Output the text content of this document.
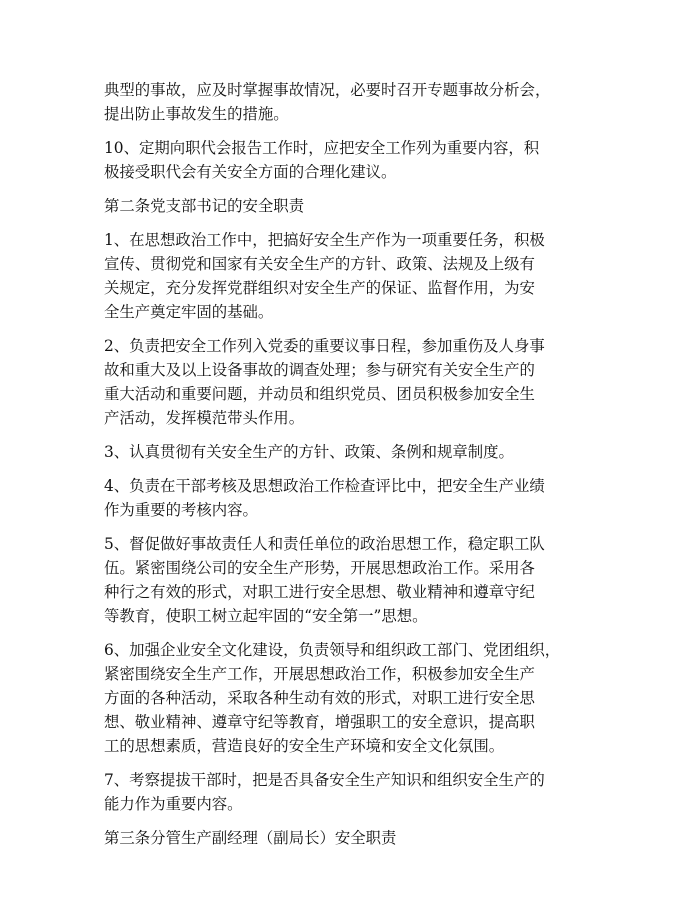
典型的事故，应及时掌握事故情况，必要时召开专题事故分析会，
提出防止事故发生的措施。

10、定期向职代会报告工作时，应把安全工作列为重要内容，积
极接受职代会有关安全方面的合理化建议。

第二条党支部书记的安全职责

1、在思想政治工作中，把搞好安全生产作为一项重要任务，积极
宣传、贯彻党和国家有关安全生产的方针、政策、法规及上级有
关规定，充分发挥党群组织对安全生产的保证、监督作用，为安
全生产奠定牢固的基础。

2、负责把安全工作列入党委的重要议事日程，参加重伤及人身事
故和重大及以上设备事故的调查处理；参与研究有关安全生产的
重大活动和重要问题，并动员和组织党员、团员积极参加安全生
产活动，发挥模范带头作用。

3、认真贯彻有关安全生产的方针、政策、条例和规章制度。

4、负责在干部考核及思想政治工作检查评比中，把安全生产业绩
作为重要的考核内容。

5、督促做好事故责任人和责任单位的政治思想工作，稳定职工队
伍。紧密围绕公司的安全生产形势，开展思想政治工作。采用各
种行之有效的形式，对职工进行安全思想、敬业精神和遵章守纪
等教育，使职工树立起牢固的“安全第一”思想。

6、加强企业安全文化建设，负责领导和组织政工部门、党团组织，
紧密围绕安全生产工作，开展思想政治工作，积极参加安全生产
方面的各种活动，采取各种生动有效的形式，对职工进行安全思
想、敬业精神、遵章守纪等教育，增强职工的安全意识，提高职
工的思想素质，营造良好的安全生产环境和安全文化氛围。

7、考察提拔干部时，把是否具备安全生产知识和组织安全生产的
能力作为重要内容。

第三条分管生产副经理（副局长）安全职责
